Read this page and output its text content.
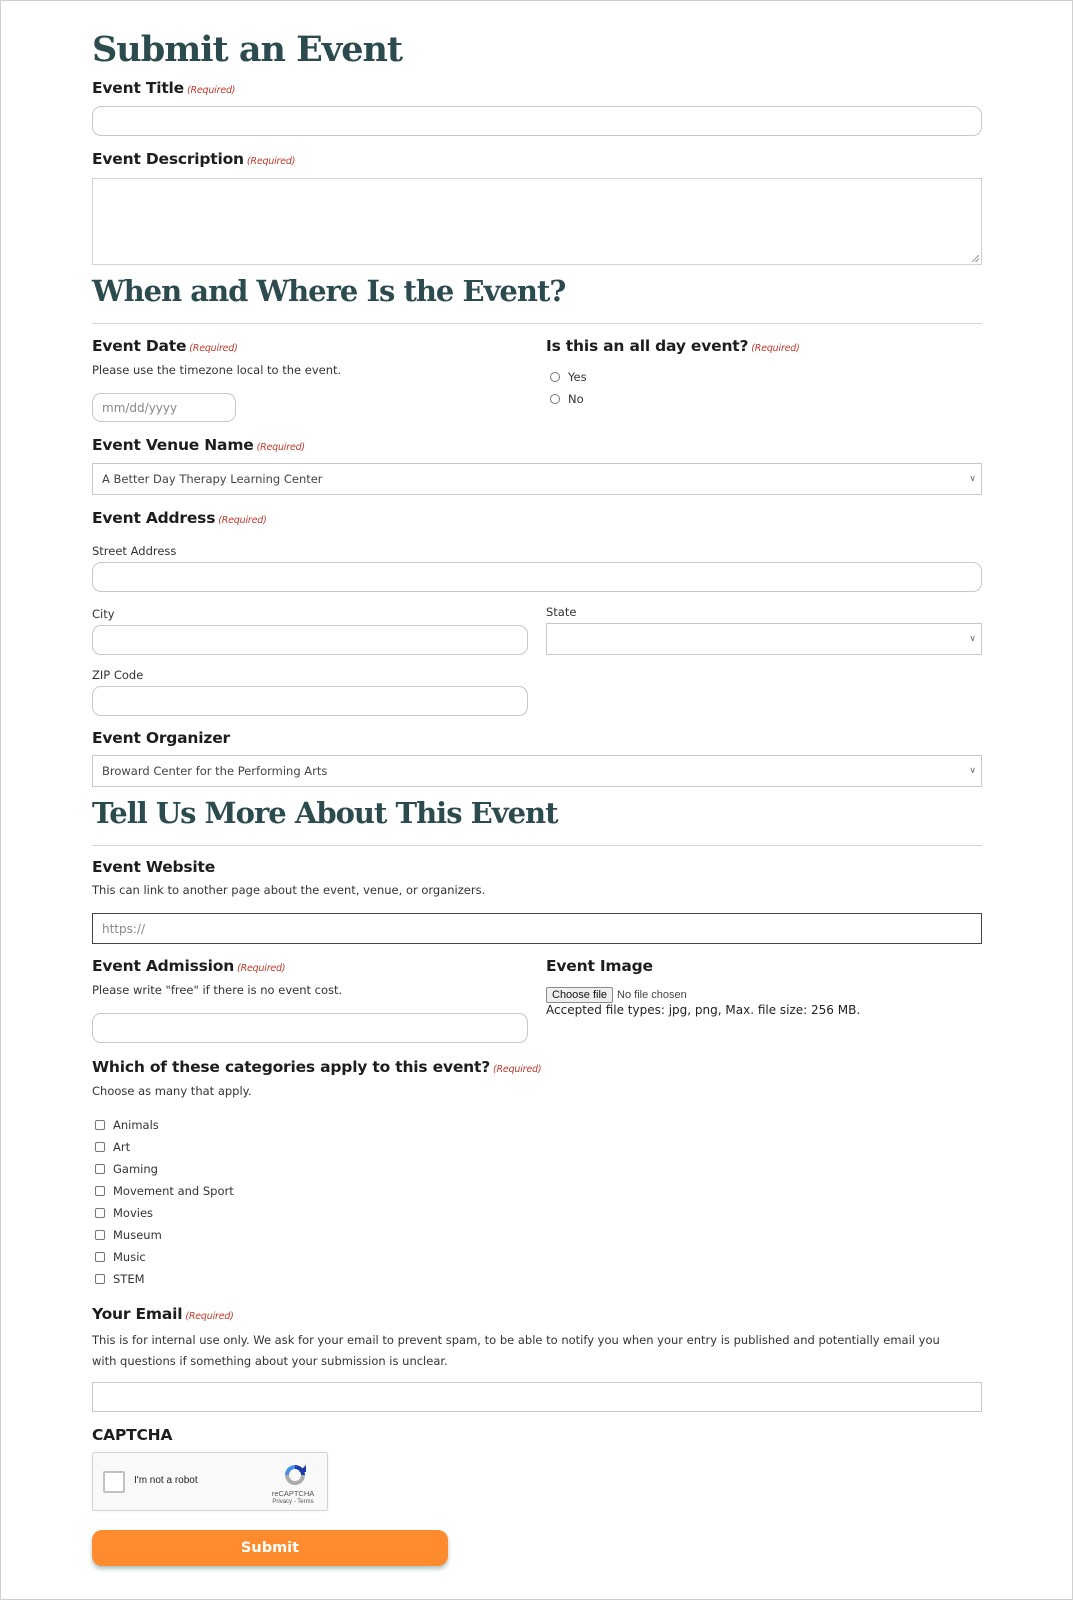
Submit an Event
Event Title (Required)
Event Description (Required)
When and Where Is the Event?
Event Date (Required)
Please use the timezone local to the event.
mm/dd/yyyy
Is this an all day event? (Required)
Yes
No
Event Venue Name (Required)
A Better Day Therapy Learning Center	∨
Event Address (Required)
Street Address
City	State
∨
ZIP Code
Event Organizer
Broward Center for the Performing Arts	∨
Tell Us More About This Event
Event Website
This can link to another page about the event, venue, or organizers.
https://
Event Admission (Required)
Please write "free" if there is no event cost.
Event Image
Choose file No file chosen
Accepted file types: jpg, png, Max. file size: 256 MB.
Which of these categories apply to this event? (Required)
Choose as many that apply.
Animals
Art
Gaming
Movement and Sport
Movies
Museum
Music
STEM
Your Email (Required)
This is for internal use only. We ask for your email to prevent spam, to be able to notify you when your entry is published and potentially email you with questions if something about your submission is unclear.
CAPTCHA
I'm not a robot
reCAPTCHA
Privacy - Terms
Submit
